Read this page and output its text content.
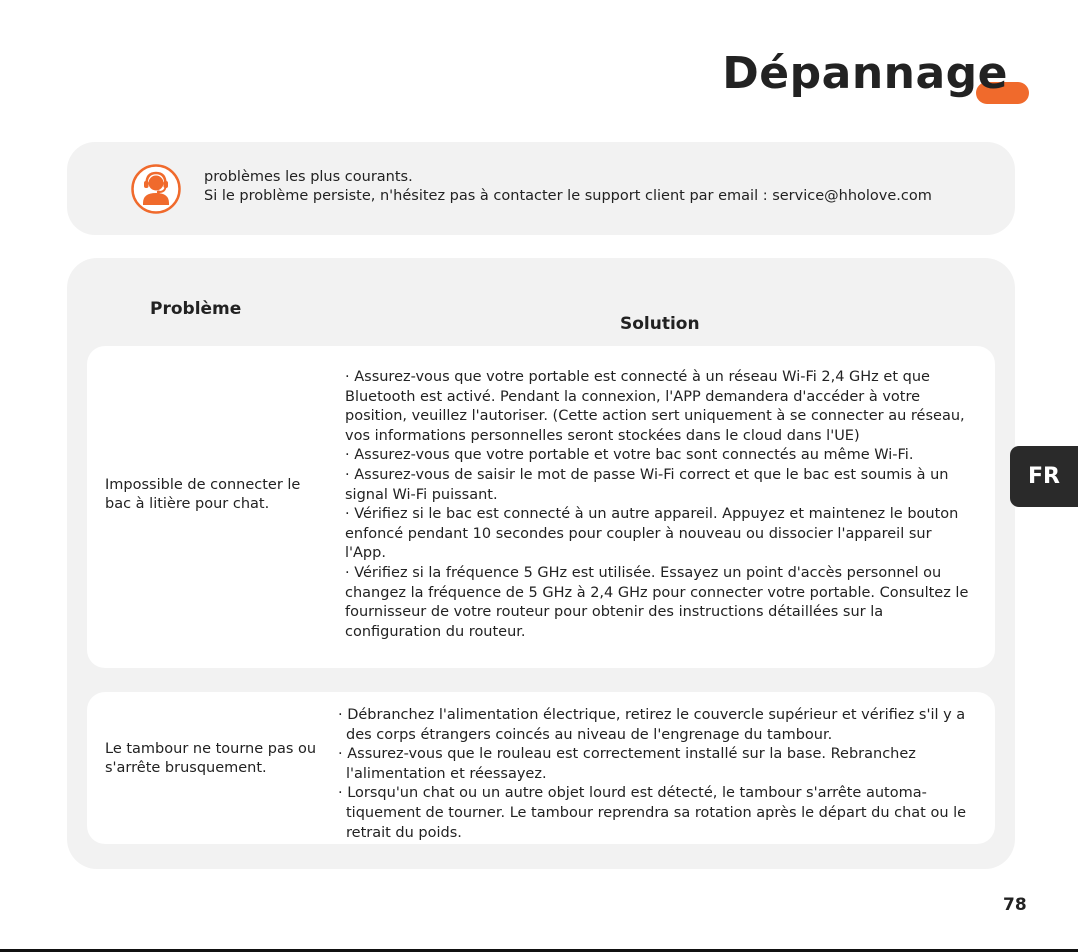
Dépannage
problèmes les plus courants.
Si le problème persiste, n'hésitez pas à contacter le support client par email : service@hholove.com
Problème
Solution
Impossible de connecter le bac à litière pour chat.

· Assurez-vous que votre portable est connecté à un réseau Wi-Fi 2,4 GHz et que Bluetooth est activé. Pendant la connexion, l'APP demandera d'accéder à votre position, veuillez l'autoriser. (Cette action sert uniquement à se connecter au réseau, vos informations personnelles seront stockées dans le cloud dans l'UE)

· Assurez-vous que votre portable et votre bac sont connectés au même Wi-Fi.

· Assurez-vous de saisir le mot de passe Wi-Fi correct et que le bac est soumis à un signal Wi-Fi puissant.

· Vérifiez si le bac est connecté à un autre appareil. Appuyez et maintenez le bouton enfoncé pendant 10 secondes pour coupler à nouveau ou dissocier l'appareil sur l'App.

· Vérifiez si la fréquence 5 GHz est utilisée. Essayez un point d'accès personnel ou changez la fréquence de 5 GHz à 2,4 GHz pour connecter votre portable. Consultez le fournisseur de votre routeur pour obtenir des instructions détaillées sur la configuration du routeur.

Le tambour ne tourne pas ou s'arrête brusquement.

· Débranchez l'alimentation électrique, retirez le couvercle supérieur et vérifiez s'il y a des corps étrangers coincés au niveau de l'engrenage du tambour.

· Assurez-vous que le rouleau est correctement installé sur la base. Rebranchez l'alimentation et réessayez.

· Lorsqu'un chat ou un autre objet lourd est détecté, le tambour s'arrête automa-tiquement de tourner. Le tambour reprendra sa rotation après le départ du chat ou le retrait du poids.

FR
78
